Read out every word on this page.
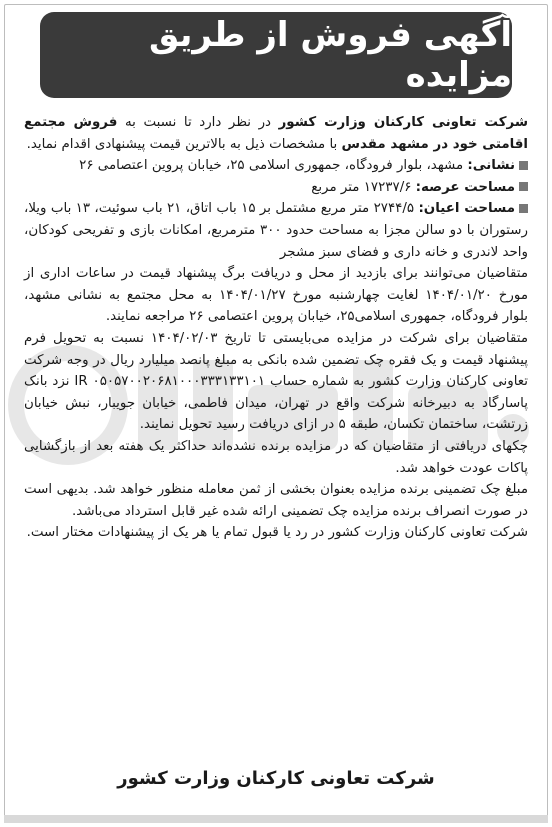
آگهی فروش از طریق مزایده

شرکت تعاونی کارکنان وزارت کشور در نظر دارد تا نسبت به فروش مجتمع اقامتی خود در مشهد مقدس با مشخصات ذیل به بالاترین قیمت پیشنهادی اقدام نماید.

نشانی: مشهد، بلوار فرودگاه، جمهوری اسلامی ۲۵، خیابان پروین اعتصامی ۲۶

مساحت عرصه: ۱۷۲۳۷/۶ متر مربع

مساحت اعیان: ۲۷۴۴/۵ متر مربع مشتمل بر ۱۵ باب اتاق، ۲۱ باب سوئیت، ۱۳ باب ویلا، رستوران با دو سالن مجزا به مساحت حدود ۳۰۰ مترمربع، امکانات بازی و تفریحی کودکان، واحد لاندری و خانه داری و فضای سبز مشجر

متقاضیان می‌توانند برای بازدید از محل و دریافت برگ پیشنهاد قیمت در ساعات اداری از مورخ ۱۴۰۴/۰۱/۲۰ لغایت چهارشنبه مورخ ۱۴۰۴/۰۱/۲۷ به محل مجتمع به نشانی مشهد، بلوار فرودگاه، جمهوری اسلامی۲۵، خیابان پروین اعتصامی ۲۶ مراجعه نمایند.

متقاضیان برای شرکت در مزایده می‌بایستی تا تاریخ ۱۴۰۴/۰۲/۰۳ نسبت به تحویل فرم پیشنهاد قیمت و یک فقره چک تضمین شده بانکی به مبلغ پانصد میلیارد ریال در وجه شرکت تعاونی کارکنان وزارت کشور به شماره حساب IR ۰۵۰۵۷۰۰۲۰۶۸۱۰۰۰۳۳۳۱۳۳۱۰۱ نزد بانک پاسارگاد به دبیرخانه شرکت واقع در تهران، میدان فاطمی، خیابان جویبار، نبش خیابان زرتشت، ساختمان تکسان، طبقه ۵ در ازای دریافت رسید تحویل نمایند.

چکهای دریافتی از متقاضیان که در مزایده برنده نشده‌اند حداکثر یک هفته بعد از بازگشایی پاکات عودت خواهد شد.

مبلغ چک تضمینی برنده مزایده بعنوان بخشی از ثمن معامله منظور خواهد شد. بدیهی است در صورت انصراف برنده مزایده چک تضمینی ارائه شده غیر قابل استرداد می‌باشد.

شرکت تعاونی کارکنان وزارت کشور در رد یا قبول تمام یا هر یک از پیشنهادات مختار است.

شرکت تعاونی کارکنان وزارت کشور
